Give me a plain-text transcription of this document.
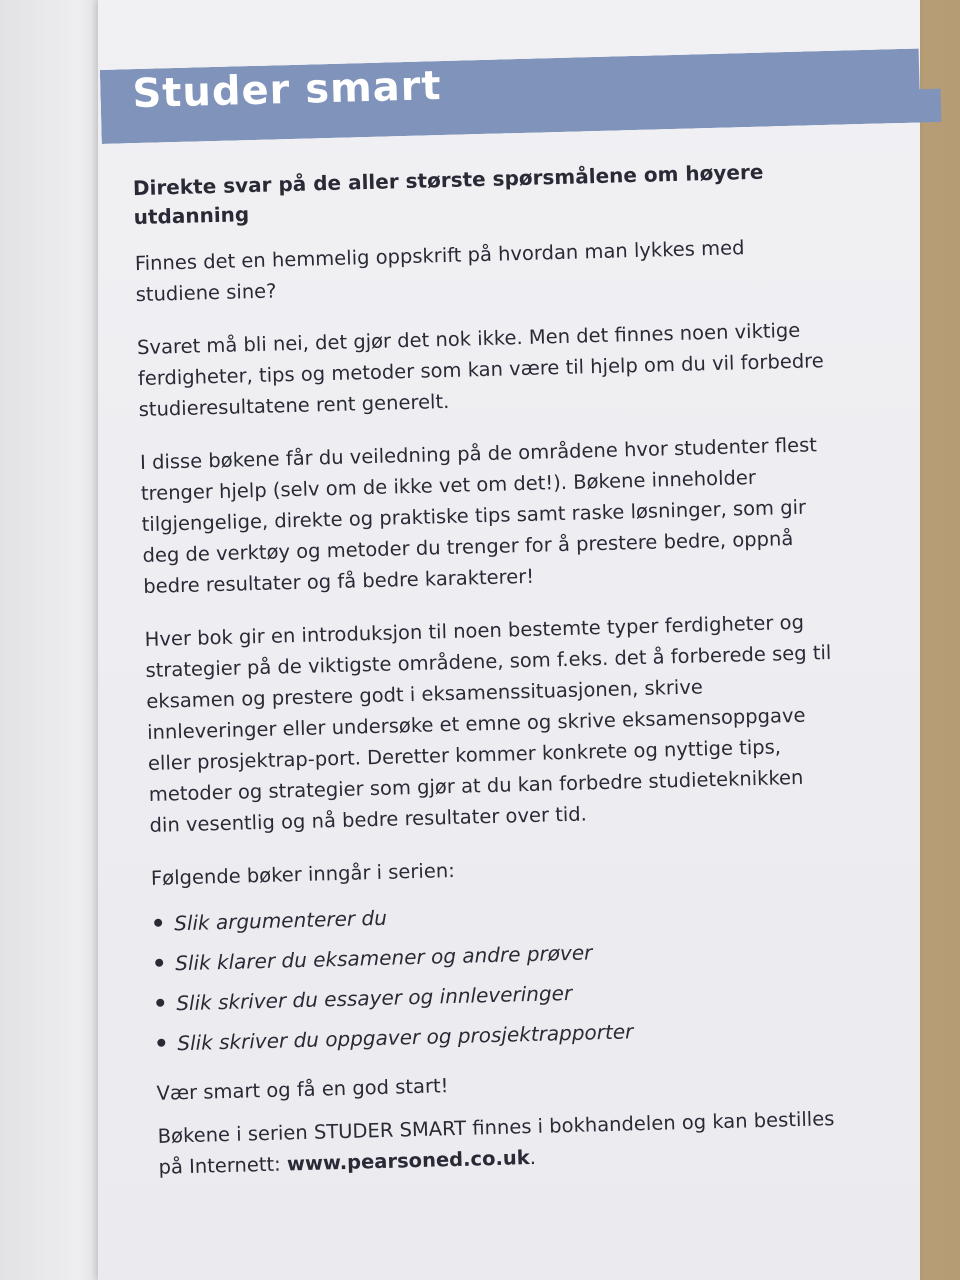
Studer smart
Direkte svar på de aller største spørsmålene om høyere utdanning

Finnes det en hemmelig oppskrift på hvordan man lykkes med studiene sine?

Svaret må bli nei, det gjør det nok ikke. Men det finnes noen viktige ferdigheter, tips og metoder som kan være til hjelp om du vil forbedre studieresultatene rent generelt.

I disse bøkene får du veiledning på de områdene hvor studenter flest trenger hjelp (selv om de ikke vet om det!). Bøkene inneholder tilgjengelige, direkte og praktiske tips samt raske løsninger, som gir deg de verktøy og metoder du trenger for å prestere bedre, oppnå bedre resultater og få bedre karakterer!

Hver bok gir en introduksjon til noen bestemte typer ferdigheter og strategier på de viktigste områdene, som f.eks. det å forberede seg til eksamen og prestere godt i eksamenssituasjonen, skrive innleveringer eller undersøke et emne og skrive eksamensoppgave eller prosjektrap-port. Deretter kommer konkrete og nyttige tips, metoder og strategier som gjør at du kan forbedre studieteknikken din vesentlig og nå bedre resultater over tid.

Følgende bøker inngår i serien:

Slik argumenterer du
Slik klarer du eksamener og andre prøver
Slik skriver du essayer og innleveringer
Slik skriver du oppgaver og prosjektrapporter

Vær smart og få en god start!

Bøkene i serien STUDER SMART finnes i bokhandelen og kan bestilles på Internett: www.pearsoned.co.uk.
